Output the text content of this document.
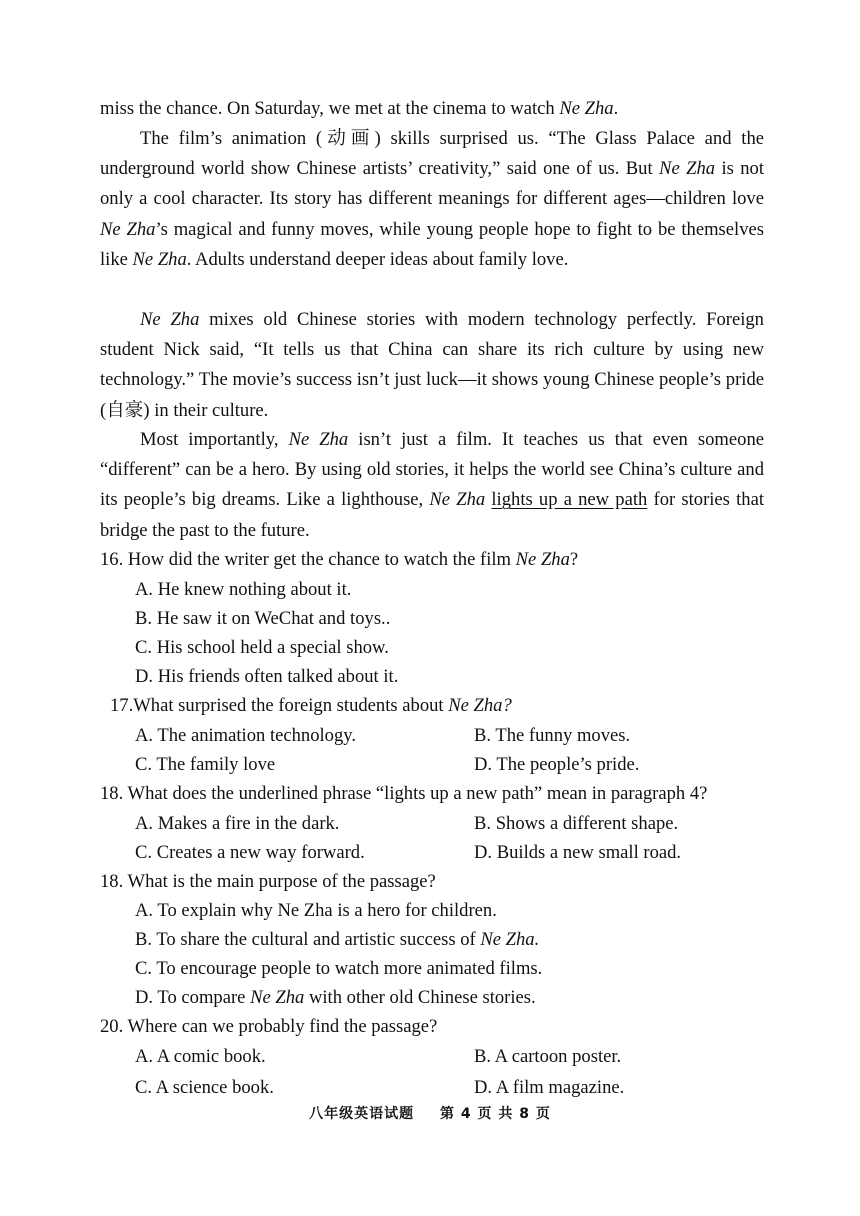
miss the chance. On Saturday, we met at the cinema to watch Ne Zha.

The film’s animation (动画) skills surprised us. “The Glass Palace and the underground world show Chinese artists’ creativity,” said one of us. But Ne Zha is not only a cool character. Its story has different meanings for different ages—children love Ne Zha’s magical and funny moves, while young people hope to fight to be themselves like Ne Zha. Adults understand deeper ideas about family love.

Ne Zha mixes old Chinese stories with modern technology perfectly. Foreign student Nick said, “It tells us that China can share its rich culture by using new technology.” The movie’s success isn’t just luck—it shows young Chinese people’s pride (自豪) in their culture.

Most importantly, Ne Zha isn’t just a film. It teaches us that even someone “different” can be a hero. By using old stories, it helps the world see China’s culture and its people’s big dreams. Like a lighthouse, Ne Zha lights up a new path for stories that bridge the past to the future.

16. How did the writer get the chance to watch the film Ne Zha?
A. He knew nothing about it.
B. He saw it on WeChat and toys..
C. His school held a special show.
D. His friends often talked about it.
17.What surprised the foreign students about Ne Zha?
A. The animation technology.	B. The funny moves.
C. The family love	D. The people’s pride.
18. What does the underlined phrase “lights up a new path” mean in paragraph 4?
A. Makes a fire in the dark.	B. Shows a different shape.
C. Creates a new way forward.	D. Builds a new small road.
18. What is the main purpose of the passage?
A. To explain why Ne Zha is a hero for children.
B. To share the cultural and artistic success of Ne Zha.
C. To encourage people to watch more animated films.
D. To compare Ne Zha with other old Chinese stories.
20. Where can we probably find the passage?
A. A comic book.	B. A cartoon poster.
C. A science book.	D. A film magazine.
八年级英语试题 第 4 页 共 8 页
